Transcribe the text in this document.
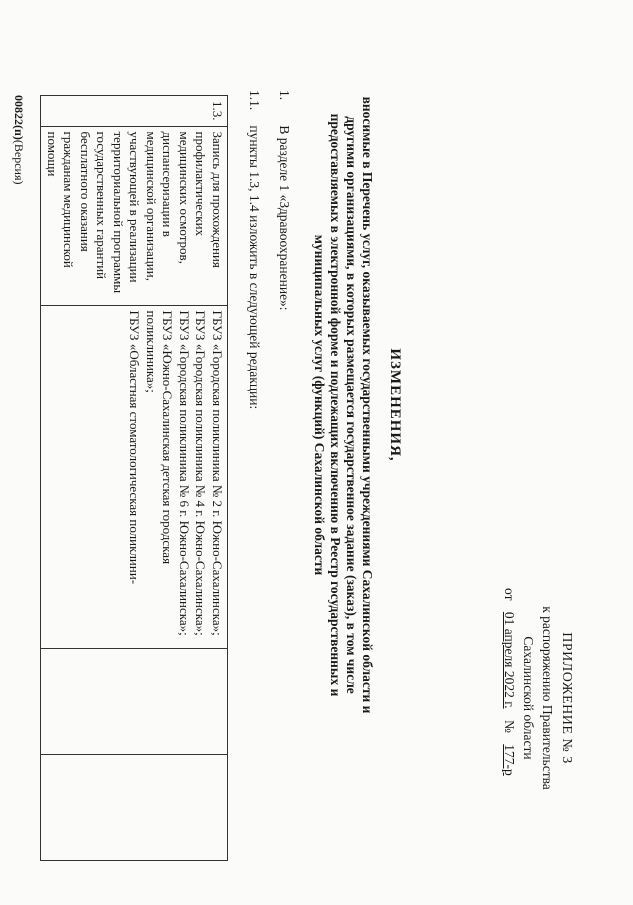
ПРИЛОЖЕНИЕ № 3
к распоряжению Правительства
Сахалинской области
от 01 апреля 2022 г. № 177-р
ИЗМЕНЕНИЯ,
вносимые в Перечень услуг, оказываемых государственными учреждениями Сахалинской области и другими организациями, в которых размещается государственное задание (заказ), в том числе предоставляемых в электронной форме и подлежащих включению в Реестр государственных и муниципальных услуг (функций) Сахалинской области
1. В разделе 1 «Здравоохранение»:
1.1. пункты 1.3, 1.4 изложить в следующей редакции:
1.3.	Запись для прохождения профилактических медицинских осмотров, диспансеризации в медицинской организации, участвующей в реализации территориальной программы государственных гарантий бесплатного оказания гражданам медицинской помощи	
ГБУЗ «Городская поликлиника № 2 г. Южно-Сахалинска»;
ГБУЗ «Городская поликлиника № 4 г. Южно-Сахалинска»;
ГБУЗ «Городская поликлиника № 6 г. Южно-Сахалинска»;
ГБУЗ «Южно-Сахалинская детская городская поликлиника»;
ГБУЗ «Областная стоматологическая поликлини-

00822(п)(Версия)
